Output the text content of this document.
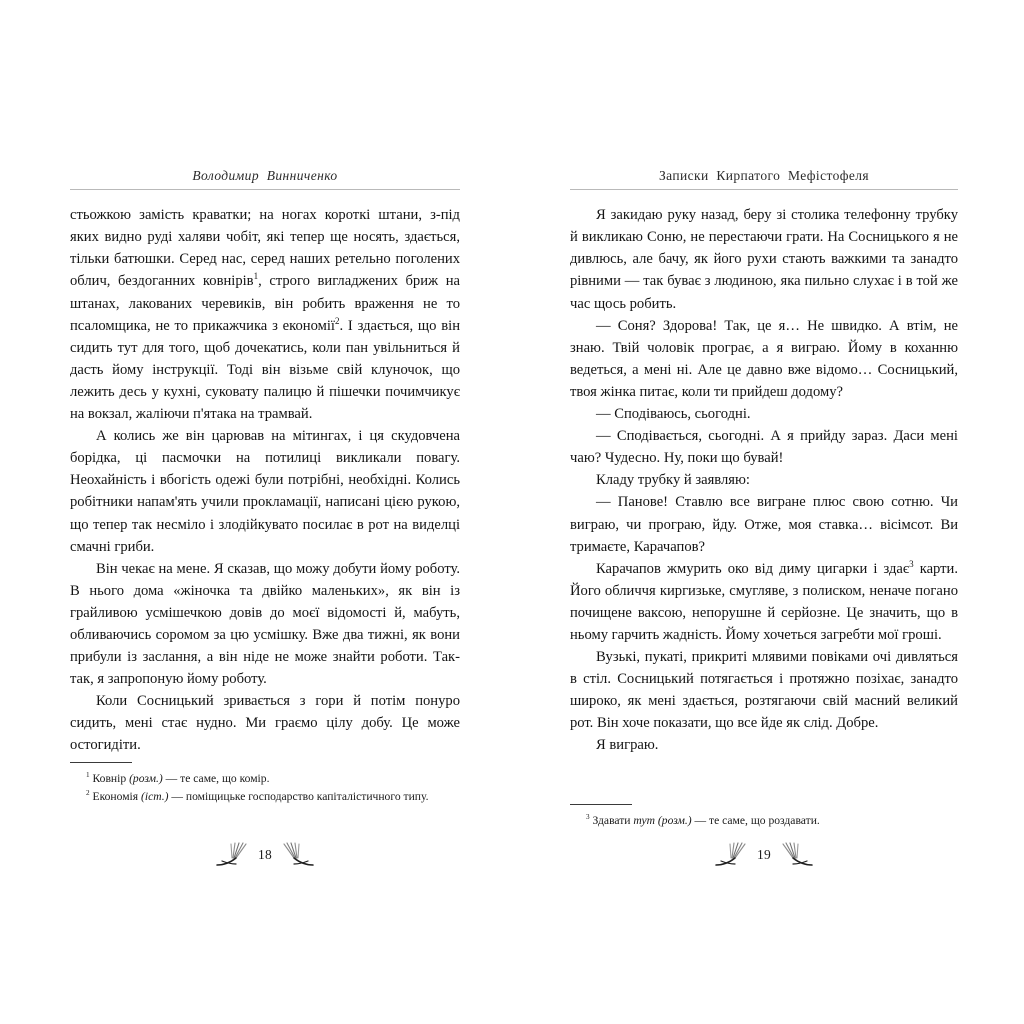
Володимир Винниченко

стьожкою замість краватки; на ногах короткі штани, з-під яких видно руді халяви чобіт, які тепер ще носять, здається, тільки батюшки. Серед нас, серед наших ретельно поголених облич, бездоганних ковнірів$^1$, строго вигладжених бриж на штанах, лакованих черевиків, він робить враження не то псаломщика, не то прикажчика з економії$^2$. І здається, що він сидить тут для того, щоб дочекатись, коли пан увільниться й дасть йому інструкції. Тоді він візьме свій клуночок, що лежить десь у кухні, суковату палицю й пішечки почимчикує на вокзал, жаліючи п'ятака на трамвай.

А колись же він царював на мітингах, і ця скудовчена борідка, ці пасмочки на потилиці викликали повагу. Неохайність і вбогість одежі були потрібні, необхідні. Колись робітники напам'ять учили прокламації, написані цією рукою, що тепер так несміло і злодійкувато посилає в рот на виделці смачні гриби.

Він чекає на мене. Я сказав, що можу добути йому роботу. В нього дома «жіночка та двійко маленьких», як він із грайливою усмішечкою довів до моєї відомості й, мабуть, обливаючись соромом за цю усмішку. Вже два тижні, як вони прибули із заслання, а він ніде не може знайти роботи. Так-так, я запропоную йому роботу.

Коли Сосницький зривається з гори й потім понуро сидить, мені стає нудно. Ми граємо цілу добу. Це може остогидіти.

$^1$ Ковнір (розм.) — те саме, що комір.

$^2$ Економія (іст.) — поміщицьке господарство капіталістичного типу.

18
Записки Кирпатого Мефістофеля

Я закидаю руку назад, беру зі столика телефонну трубку й викликаю Соню, не перестаючи грати. На Сосницького я не дивлюсь, але бачу, як його рухи стають важкими та занадто рівними — так буває з людиною, яка пильно слухає і в той же час щось робить.

— Соня? Здорова! Так, це я… Не швидко. А втім, не знаю. Твій чоловік програє, а я виграю. Йому в коханню ведеться, а мені ні. Але це давно вже відомо… Сосницький, твоя жінка питає, коли ти прийдеш додому?

— Сподіваюсь, сьогодні.

— Сподівається, сьогодні. А я прийду зараз. Даси мені чаю? Чудесно. Ну, поки що бувай!

Кладу трубку й заявляю:

— Панове! Ставлю все вигране плюс свою сотню. Чи виграю, чи програю, йду. Отже, моя ставка… вісімсот. Ви тримаєте, Карачапов?

Карачапов жмурить око від диму цигарки і здає$^3$ карти. Його обличчя киргизьке, смугляве, з полиском, неначе погано почищене ваксою, непорушне й серйозне. Це значить, що в ньому гарчить жадність. Йому хочеться загребти мої гроші.

Вузькі, пукаті, прикриті млявими повіками очі дивляться в стіл. Сосницький потягається і протяжно позіхає, занадто широко, як мені здається, розтягаючи свій масний великий рот. Він хоче показати, що все йде як слід. Добре.

Я виграю.

$^3$ Здавати тут (розм.) — те саме, що роздавати.

19
